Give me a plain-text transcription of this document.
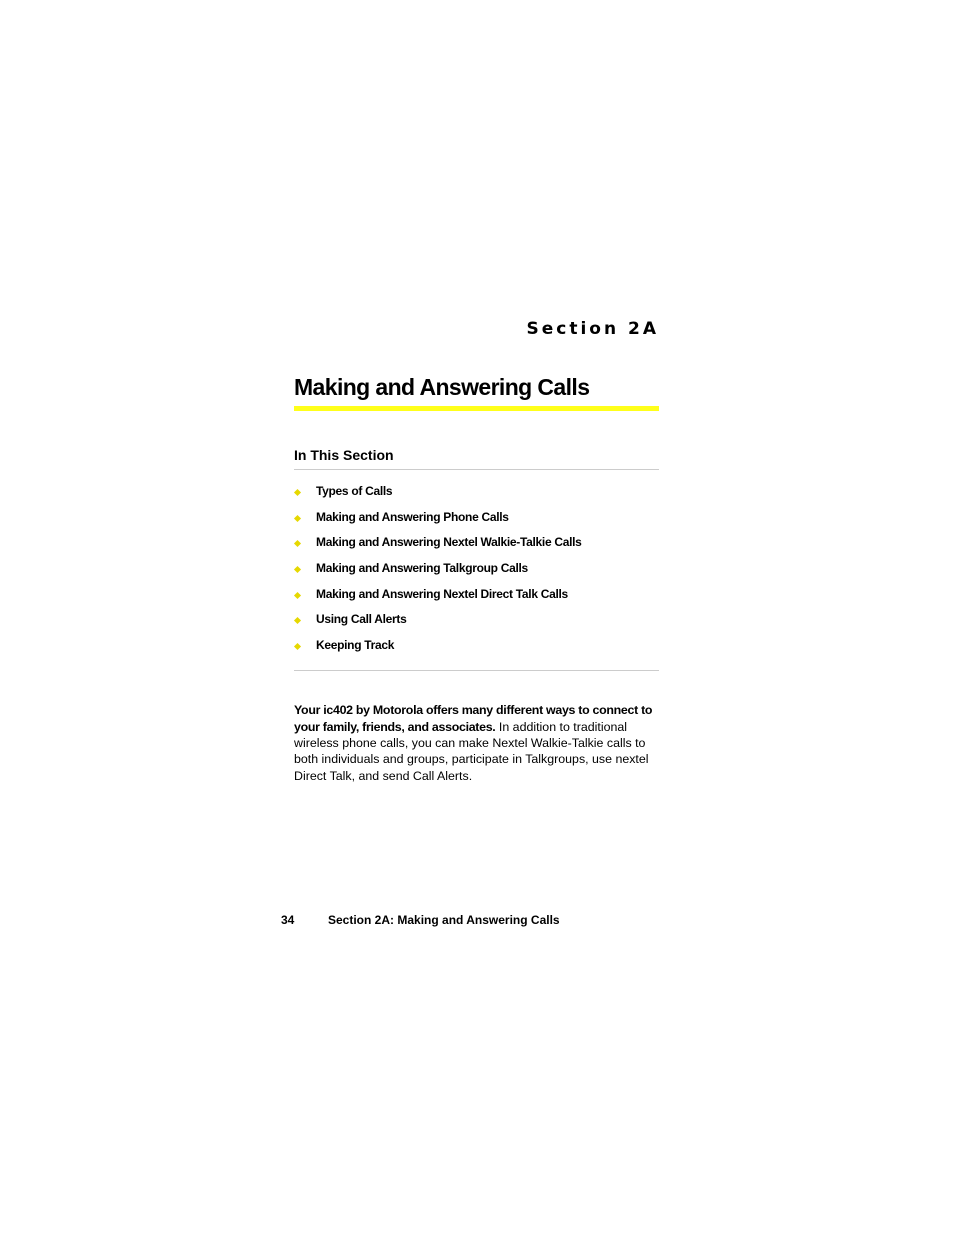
Section 2A
Making and Answering Calls
In This Section
Types of Calls
Making and Answering Phone Calls
Making and Answering Nextel Walkie-Talkie Calls
Making and Answering Talkgroup Calls
Making and Answering Nextel Direct Talk Calls
Using Call Alerts
Keeping Track

Your ic402 by Motorola offers many different ways to connect to your family, friends, and associates. In addition to traditional wireless phone calls, you can make Nextel Walkie-Talkie calls to both individuals and groups, participate in Talkgroups, use nextel Direct Talk, and send Call Alerts.

34	Section 2A: Making and Answering Calls
